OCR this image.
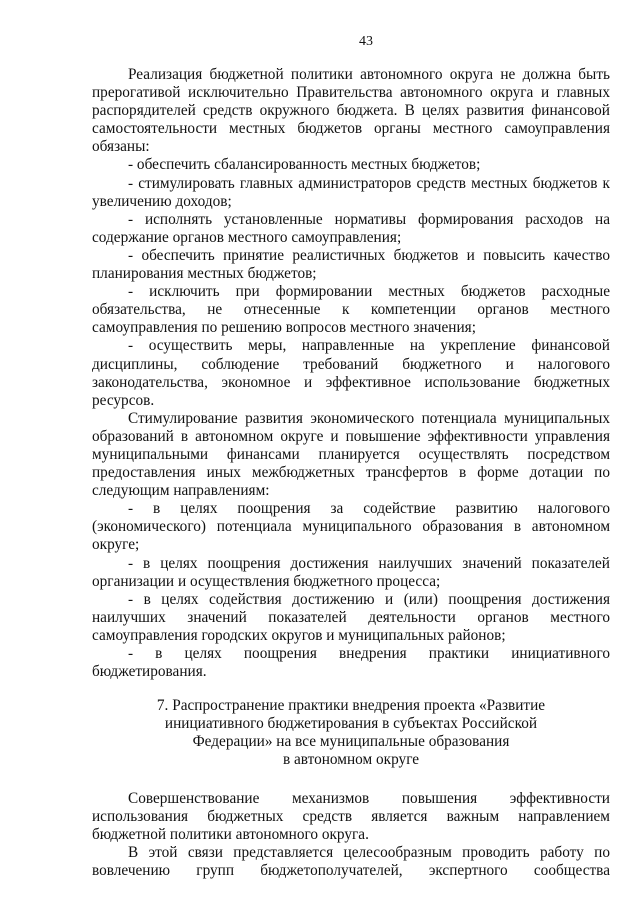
43

Реализация бюджетной политики автономного округа не должна быть прерогативой исключительно Правительства автономного округа и главных распорядителей средств окружного бюджета. В целях развития финансовой самостоятельности местных бюджетов органы местного самоуправления обязаны:

- обеспечить сбалансированность местных бюджетов;

- стимулировать главных администраторов средств местных бюджетов к увеличению доходов;

- исполнять установленные нормативы формирования расходов на содержание органов местного самоуправления;

- обеспечить принятие реалистичных бюджетов и повысить качество планирования местных бюджетов;

- исключить при формировании местных бюджетов расходные обязательства, не отнесенные к компетенции органов местного самоуправления по решению вопросов местного значения;

- осуществить меры, направленные на укрепление финансовой дисциплины, соблюдение требований бюджетного и налогового законодательства, экономное и эффективное использование бюджетных ресурсов.

Стимулирование развития экономического потенциала муниципальных образований в автономном округе и повышение эффективности управления муниципальными финансами планируется осуществлять посредством предоставления иных межбюджетных трансфертов в форме дотации по следующим направлениям:

- в целях поощрения за содействие развитию налогового (экономического) потенциала муниципального образования в автономном округе;

- в целях поощрения достижения наилучших значений показателей организации и осуществления бюджетного процесса;

- в целях содействия достижению и (или) поощрения достижения наилучших значений показателей деятельности органов местного самоуправления городских округов и муниципальных районов;

- в целях поощрения внедрения практики инициативного бюджетирования.

7. Распространение практики внедрения проекта «Развитие
инициативного бюджетирования в субъектах Российской
Федерации» на все муниципальные образования
в автономном округе

Совершенствование механизмов повышения эффективности использования бюджетных средств является важным направлением бюджетной политики автономного округа.

В этой связи представляется целесообразным проводить работу по вовлечению групп бюджетополучателей, экспертного сообщества
